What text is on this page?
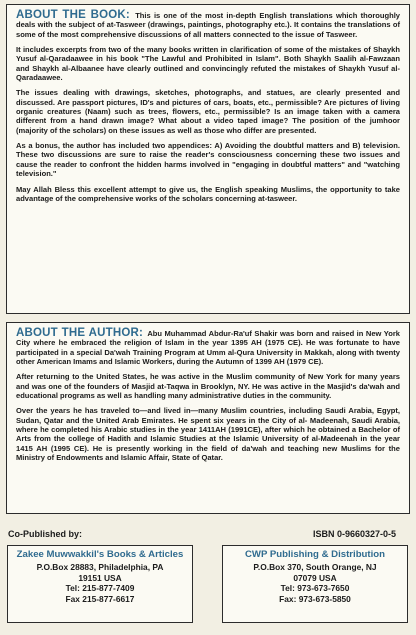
ABOUT THE BOOK: This is one of the most in-depth English translations which thoroughly deals with the subject of at-Tasweer (drawings, paintings, photography etc.). It contains the translations of some of the most comprehensive discussions of all matters connected to the issue of Tasweer.

It includes excerpts from two of the many books written in clarification of some of the mistakes of Shaykh Yusuf al-Qaradaawee in his book "The Lawful and Prohibited in Islam". Both Shaykh Saalih al-Fawzaan and Shaykh al-Albaanee have clearly outlined and convincingly refuted the mistakes of Shaykh Yusuf al-Qaradaawee.

The issues dealing with drawings, sketches, photographs, and statues, are clearly presented and discussed. Are passport pictures, ID's and pictures of cars, boats, etc., permissible? Are pictures of living organic creatures (Naam) such as trees, flowers, etc., permissible? Is an image taken with a camera different from a hand drawn image? What about a video taped image? The position of the jumhoor (majority of the scholars) on these issues as well as those who differ are presented.

As a bonus, the author has included two appendices: A) Avoiding the doubtful matters and B) television. These two discussions are sure to raise the reader's consciousness concerning these two issues and cause the reader to confront the hidden harms involved in "engaging in doubtful matters" and "watching television."

May Allah Bless this excellent attempt to give us, the English speaking Muslims, the opportunity to take advantage of the comprehensive works of the scholars concerning at-tasweer.

ABOUT THE AUTHOR: Abu Muhammad Abdur-Ra'uf Shakir was born and raised in New York City where he embraced the religion of Islam in the year 1395 AH (1975 CE). He was fortunate to have participated in a special Da'wah Training Program at Umm al-Qura University in Makkah, along with twenty other American Imams and Islamic Workers, during the Autumn of 1399 AH (1979 CE).

After returning to the United States, he was active in the Muslim community of New York for many years and was one of the founders of Masjid at-Taqwa in Brooklyn, NY. He was active in the Masjid's da'wah and educational programs as well as handling many administrative duties in the community.

Over the years he has traveled to—and lived in—many Muslim countries, including Saudi Arabia, Egypt, Sudan, Qatar and the United Arab Emirates. He spent six years in the City of al- Madeenah, Saudi Arabia, where he completed his Arabic studies in the year 1411AH (1991CE), after which he obtained a Bachelor of Arts from the college of Hadith and Islamic Studies at the Islamic University of al-Madeenah in the year 1415 AH (1995 CE). He is presently working in the field of da'wah and teaching new Muslims for the Ministry of Endowments and Islamic Affair, State of Qatar.

Co-Published by:	ISBN 0-9660327-0-5
Zakee Muwwakkil's Books & Articles
P.O.Box 28883, Philadelphia, PA
19151 USA
Tel: 215-877-7409
Fax 215-877-6617
CWP Publishing & Distribution
P.O.Box 370, South Orange, NJ
07079 USA
Tel: 973-673-7650
Fax: 973-673-5850
